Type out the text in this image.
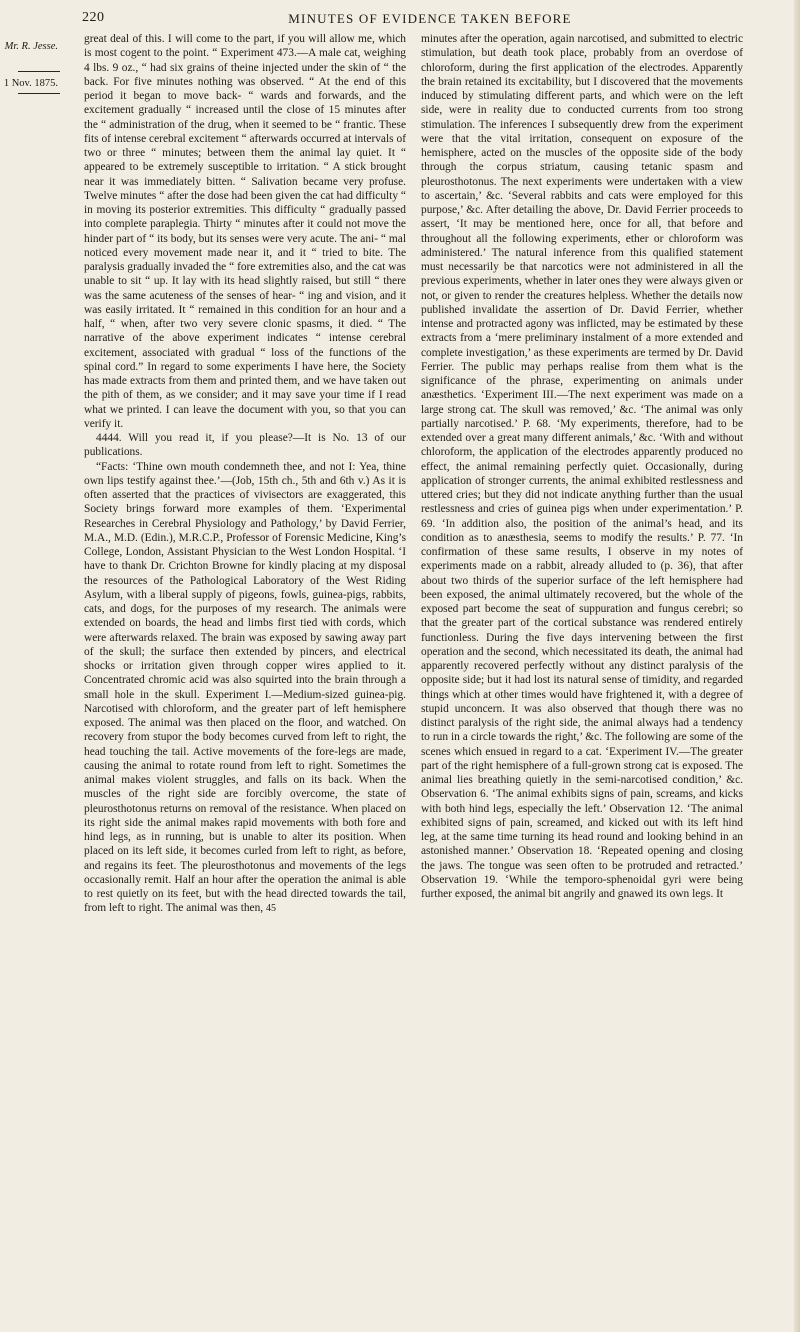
220	MINUTES OF EVIDENCE TAKEN BEFORE
Mr. R. Jesse.
1 Nov. 1875.

great deal of this. I will come to the part, if you will allow me, which is most cogent to the point. “ Experiment 473.—A male cat, weighing 4 lbs. 9 oz., “ had six grains of theine injected under the skin of “ the back. For five minutes nothing was observed. “ At the end of this period it began to move back- “ wards and forwards, and the excitement gradually “ increased until the close of 15 minutes after the “ administration of the drug, when it seemed to be “ frantic. These fits of intense cerebral excitement “ afterwards occurred at intervals of two or three “ minutes; between them the animal lay quiet. It “ appeared to be extremely susceptible to irritation. “ A stick brought near it was immediately bitten. “ Salivation became very profuse. Twelve minutes “ after the dose had been given the cat had difficulty “ in moving its posterior extremities. This difficulty “ gradually passed into complete paraplegia. Thirty “ minutes after it could not move the hinder part of “ its body, but its senses were very acute. The ani- “ mal noticed every movement made near it, and it “ tried to bite. The paralysis gradually invaded the “ fore extremities also, and the cat was unable to sit “ up. It lay with its head slightly raised, but still “ there was the same acuteness of the senses of hear- “ ing and vision, and it was easily irritated. It “ remained in this condition for an hour and a half, “ when, after two very severe clonic spasms, it died. “ The narrative of the above experiment indicates “ intense cerebral excitement, associated with gradual “ loss of the functions of the spinal cord.” In regard to some experiments I have here, the Society has made extracts from them and printed them, and we have taken out the pith of them, as we consider; and it may save your time if I read what we printed. I can leave the document with you, so that you can verify it.

4444. Will you read it, if you please?—It is No. 13 of our publications.

“Facts: ‘Thine own mouth condemneth thee, and not I: Yea, thine own lips testify against thee.’—(Job, 15th ch., 5th and 6th v.) As it is often asserted that the practices of vivisectors are exaggerated, this Society brings forward more examples of them. ‘Experimental Researches in Cerebral Physiology and Pathology,’ by David Ferrier, M.A., M.D. (Edin.), M.R.C.P., Professor of Forensic Medicine, King’s College, London, Assistant Physician to the West London Hospital. ‘I have to thank Dr. Crichton Browne for kindly placing at my disposal the resources of the Pathological Laboratory of the West Riding Asylum, with a liberal supply of pigeons, fowls, guinea-pigs, rabbits, cats, and dogs, for the purposes of my research. The animals were extended on boards, the head and limbs first tied with cords, which were afterwards relaxed. The brain was exposed by sawing away part of the skull; the surface then extended by pincers, and electrical shocks or irritation given through copper wires applied to it. Concentrated chromic acid was also squirted into the brain through a small hole in the skull. Experiment I.—Medium-sized guinea-pig. Narcotised with chloroform, and the greater part of left hemisphere exposed. The animal was then placed on the floor, and watched. On recovery from stupor the body becomes curved from left to right, the head touching the tail. Active movements of the fore-legs are made, causing the animal to rotate round from left to right. Sometimes the animal makes violent struggles, and falls on its back. When the muscles of the right side are forcibly overcome, the state of pleurosthotonus returns on removal of the resistance. When placed on its right side the animal makes rapid movements with both fore and hind legs, as in running, but is unable to alter its position. When placed on its left side, it becomes curled from left to right, as before, and regains its feet. The pleurosthotonus and movements of the legs occasionally remit. Half an hour after the operation the animal is able to rest quietly on its feet, but with the head directed towards the tail, from left to right. The animal was then, 45

minutes after the operation, again narcotised, and submitted to electric stimulation, but death took place, probably from an overdose of chloroform, during the first application of the electrodes. Apparently the brain retained its excitability, but I discovered that the movements induced by stimulating different parts, and which were on the left side, were in reality due to conducted currents from too strong stimulation. The inferences I subsequently drew from the experiment were that the vital irritation, consequent on exposure of the hemisphere, acted on the muscles of the opposite side of the body through the corpus striatum, causing tetanic spasm and pleurosthotonus. The next experiments were undertaken with a view to ascertain,’ &c. ‘Several rabbits and cats were employed for this purpose,’ &c. After detailing the above, Dr. David Ferrier proceeds to assert, ‘It may be mentioned here, once for all, that before and throughout all the following experiments, ether or chloroform was administered.’ The natural inference from this qualified statement must necessarily be that narcotics were not administered in all the previous experiments, whether in later ones they were always given or not, or given to render the creatures helpless. Whether the details now published invalidate the assertion of Dr. David Ferrier, whether intense and protracted agony was inflicted, may be estimated by these extracts from a ‘mere preliminary instalment of a more extended and complete investigation,’ as these experiments are termed by Dr. David Ferrier. The public may perhaps realise from them what is the significance of the phrase, experimenting on animals under anæsthetics. ‘Experiment III.—The next experiment was made on a large strong cat. The skull was removed,’ &c. ‘The animal was only partially narcotised.’ P. 68. ‘My experiments, therefore, had to be extended over a great many different animals,’ &c. ‘With and without chloroform, the application of the electrodes apparently produced no effect, the animal remaining perfectly quiet. Occasionally, during application of stronger currents, the animal exhibited restlessness and uttered cries; but they did not indicate anything further than the usual restlessness and cries of guinea pigs when under experimentation.’ P. 69. ‘In addition also, the position of the animal’s head, and its condition as to anæsthesia, seems to modify the results.’ P. 77. ‘In confirmation of these same results, I observe in my notes of experiments made on a rabbit, already alluded to (p. 36), that after about two thirds of the superior surface of the left hemisphere had been exposed, the animal ultimately recovered, but the whole of the exposed part become the seat of suppuration and fungus cerebri; so that the greater part of the cortical substance was rendered entirely functionless. During the five days intervening between the first operation and the second, which necessitated its death, the animal had apparently recovered perfectly without any distinct paralysis of the opposite side; but it had lost its natural sense of timidity, and regarded things which at other times would have frightened it, with a degree of stupid unconcern. It was also observed that though there was no distinct paralysis of the right side, the animal always had a tendency to run in a circle towards the right,’ &c. The following are some of the scenes which ensued in regard to a cat. ‘Experiment IV.—The greater part of the right hemisphere of a full-grown strong cat is exposed. The animal lies breathing quietly in the semi-narcotised condition,’ &c. Observation 6. ‘The animal exhibits signs of pain, screams, and kicks with both hind legs, especially the left.’ Observation 12. ‘The animal exhibited signs of pain, screamed, and kicked out with its left hind leg, at the same time turning its head round and looking behind in an astonished manner.’ Observation 18. ‘Repeated opening and closing the jaws. The tongue was seen often to be protruded and retracted.’ Observation 19. ‘While the temporo-sphenoidal gyri were being further exposed, the animal bit angrily and gnawed its own legs. It
